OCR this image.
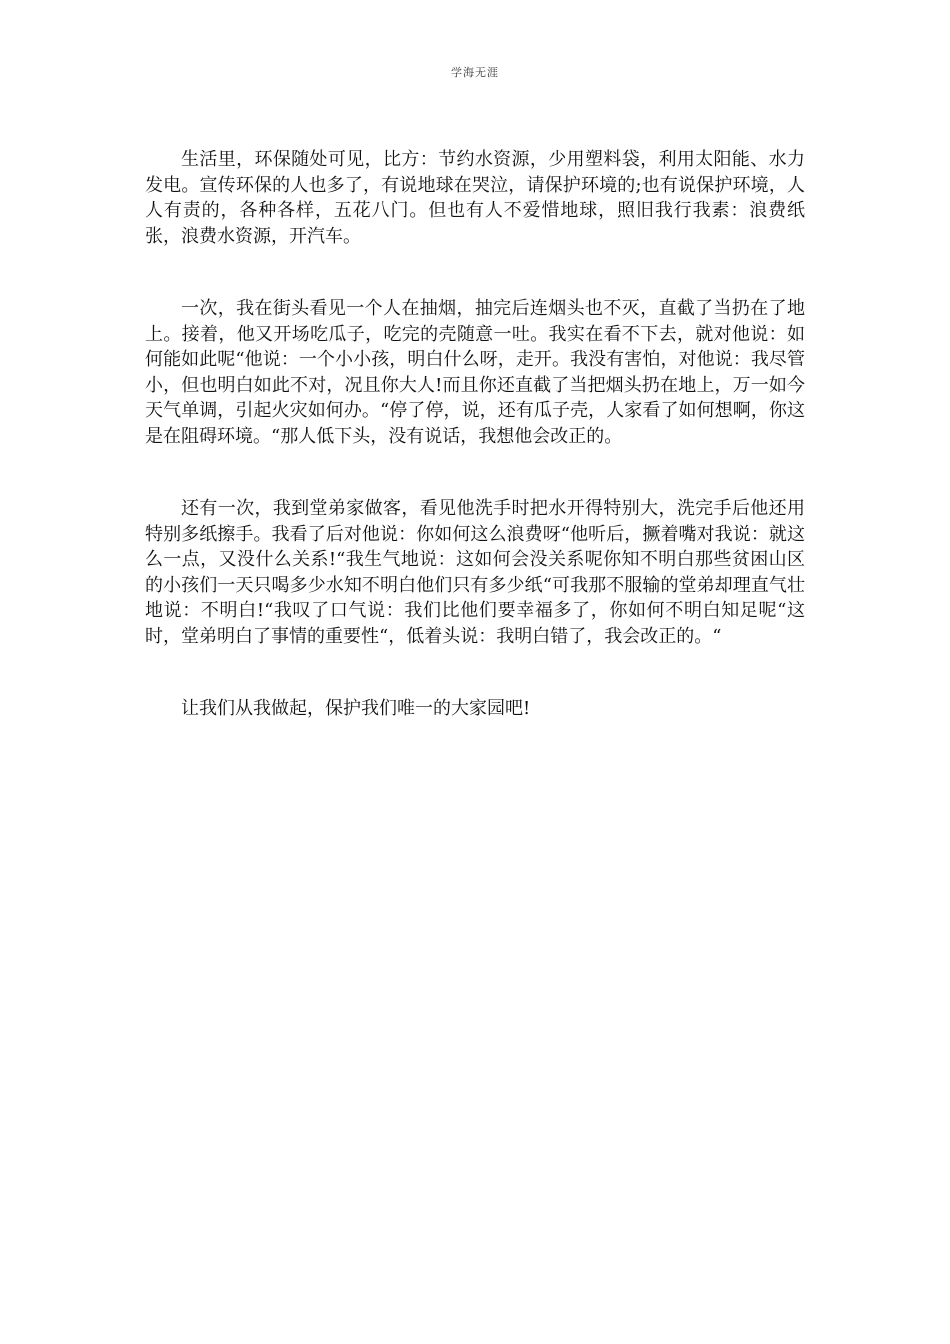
学海无涯

生活里，环保随处可见，比方：节约水资源，少用塑料袋，利用太阳能、水力发电。宣传环保的人也多了，有说地球在哭泣，请保护环境的;也有说保护环境，人人有责的，各种各样，五花八门。但也有人不爱惜地球，照旧我行我素：浪费纸张，浪费水资源，开汽车。

一次，我在街头看见一个人在抽烟，抽完后连烟头也不灭，直截了当扔在了地上。接着，他又开场吃瓜子，吃完的壳随意一吐。我实在看不下去，就对他说：如何能如此呢“他说：一个小小孩，明白什么呀，走开。我没有害怕，对他说：我尽管小，但也明白如此不对，况且你大人!而且你还直截了当把烟头扔在地上，万一如今天气单调，引起火灾如何办。“停了停，说，还有瓜子壳，人家看了如何想啊，你这是在阻碍环境。“那人低下头，没有说话，我想他会改正的。

还有一次，我到堂弟家做客，看见他洗手时把水开得特别大，洗完手后他还用特别多纸擦手。我看了后对他说：你如何这么浪费呀“他听后，撅着嘴对我说：就这么一点，又没什么关系!“我生气地说：这如何会没关系呢你知不明白那些贫困山区的小孩们一天只喝多少水知不明白他们只有多少纸“可我那不服输的堂弟却理直气壮地说：不明白!“我叹了口气说：我们比他们要幸福多了，你如何不明白知足呢“这时，堂弟明白了事情的重要性“，低着头说：我明白错了，我会改正的。“

让我们从我做起，保护我们唯一的大家园吧!
